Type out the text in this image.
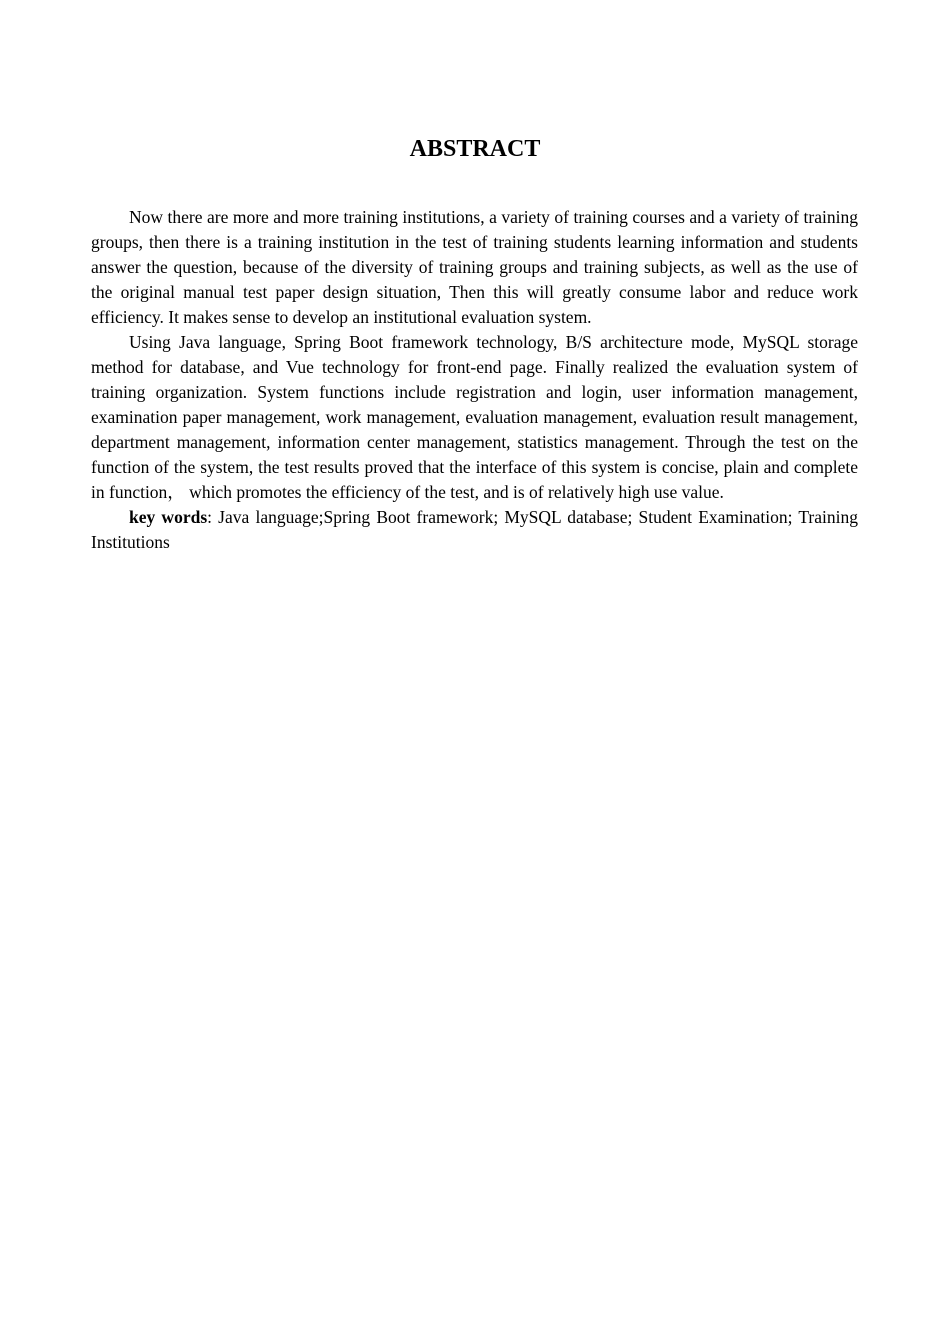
ABSTRACT

Now there are more and more training institutions, a variety of training courses and a variety of training groups, then there is a training institution in the test of training students learning information and students answer the question, because of the diversity of training groups and training subjects, as well as the use of the original manual test paper design situation, Then this will greatly consume labor and reduce work efficiency. It makes sense to develop an institutional evaluation system.

Using Java language, Spring Boot framework technology, B/S architecture mode, MySQL storage method for database, and Vue technology for front-end page. Finally realized the evaluation system of training organization. System functions include registration and login, user information management, examination paper management, work management, evaluation management, evaluation result management, department management, information center management, statistics management. Through the test on the function of the system, the test results proved that the interface of this system is concise, plain and complete in function， which promotes the efficiency of the test, and is of relatively high use value.

key words: Java language;Spring Boot framework; MySQL database; Student Examination; Training Institutions
